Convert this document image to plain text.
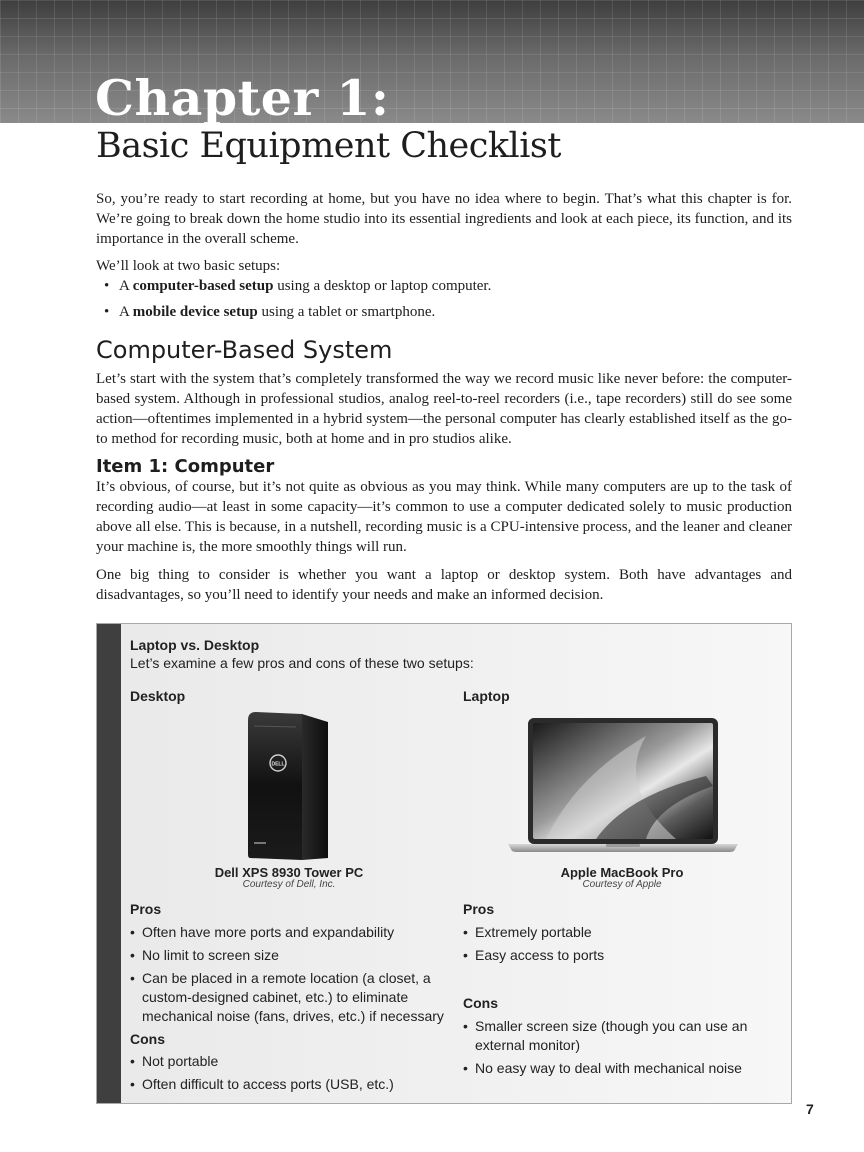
Chapter 1:
Basic Equipment Checklist

So, you’re ready to start recording at home, but you have no idea where to begin. That’s what this chapter is for. We’re going to break down the home studio into its essential ingredients and look at each piece, its function, and its importance in the overall scheme.

We’ll look at two basic setups:

• A computer-based setup using a desktop or laptop computer.
• A mobile device setup using a tablet or smartphone.
Computer-Based System

Let’s start with the system that’s completely transformed the way we record music like never before: the computer-based system. Although in professional studios, analog reel-to-reel recorders (i.e., tape recorders) still do see some action—oftentimes implemented in a hybrid system—the personal computer has clearly established itself as the go-to method for recording music, both at home and in pro studios alike.

Item 1: Computer

It’s obvious, of course, but it’s not quite as obvious as you may think. While many computers are up to the task of recording audio—at least in some capacity—it’s common to use a computer dedicated solely to music production above all else. This is because, in a nutshell, recording music is a CPU-intensive process, and the leaner and cleaner your machine is, the more smoothly things will run.

One big thing to consider is whether you want a laptop or desktop system. Both have advantages and disadvantages, so you’ll need to identify your needs and make an informed decision.

TOOLBOX

Laptop vs. Desktop

Let’s examine a few pros and cons of these two setups:

Desktop	Laptop

DELL

Dell XPS 8930 Tower PC

Courtesy of Dell, Inc.

Apple MacBook Pro

Courtesy of Apple

Pros

• Often have more ports and expandability
• No limit to screen size
• Can be placed in a remote location (a closet, a custom-designed cabinet, etc.) to eliminate mechanical noise (fans, drives, etc.) if necessary

Cons

• Not portable
• Often difficult to access ports (USB, etc.)

Pros

• Extremely portable
• Easy access to ports

Cons

• Smaller screen size (though you can use an external monitor)
• No easy way to deal with mechanical noise

7
